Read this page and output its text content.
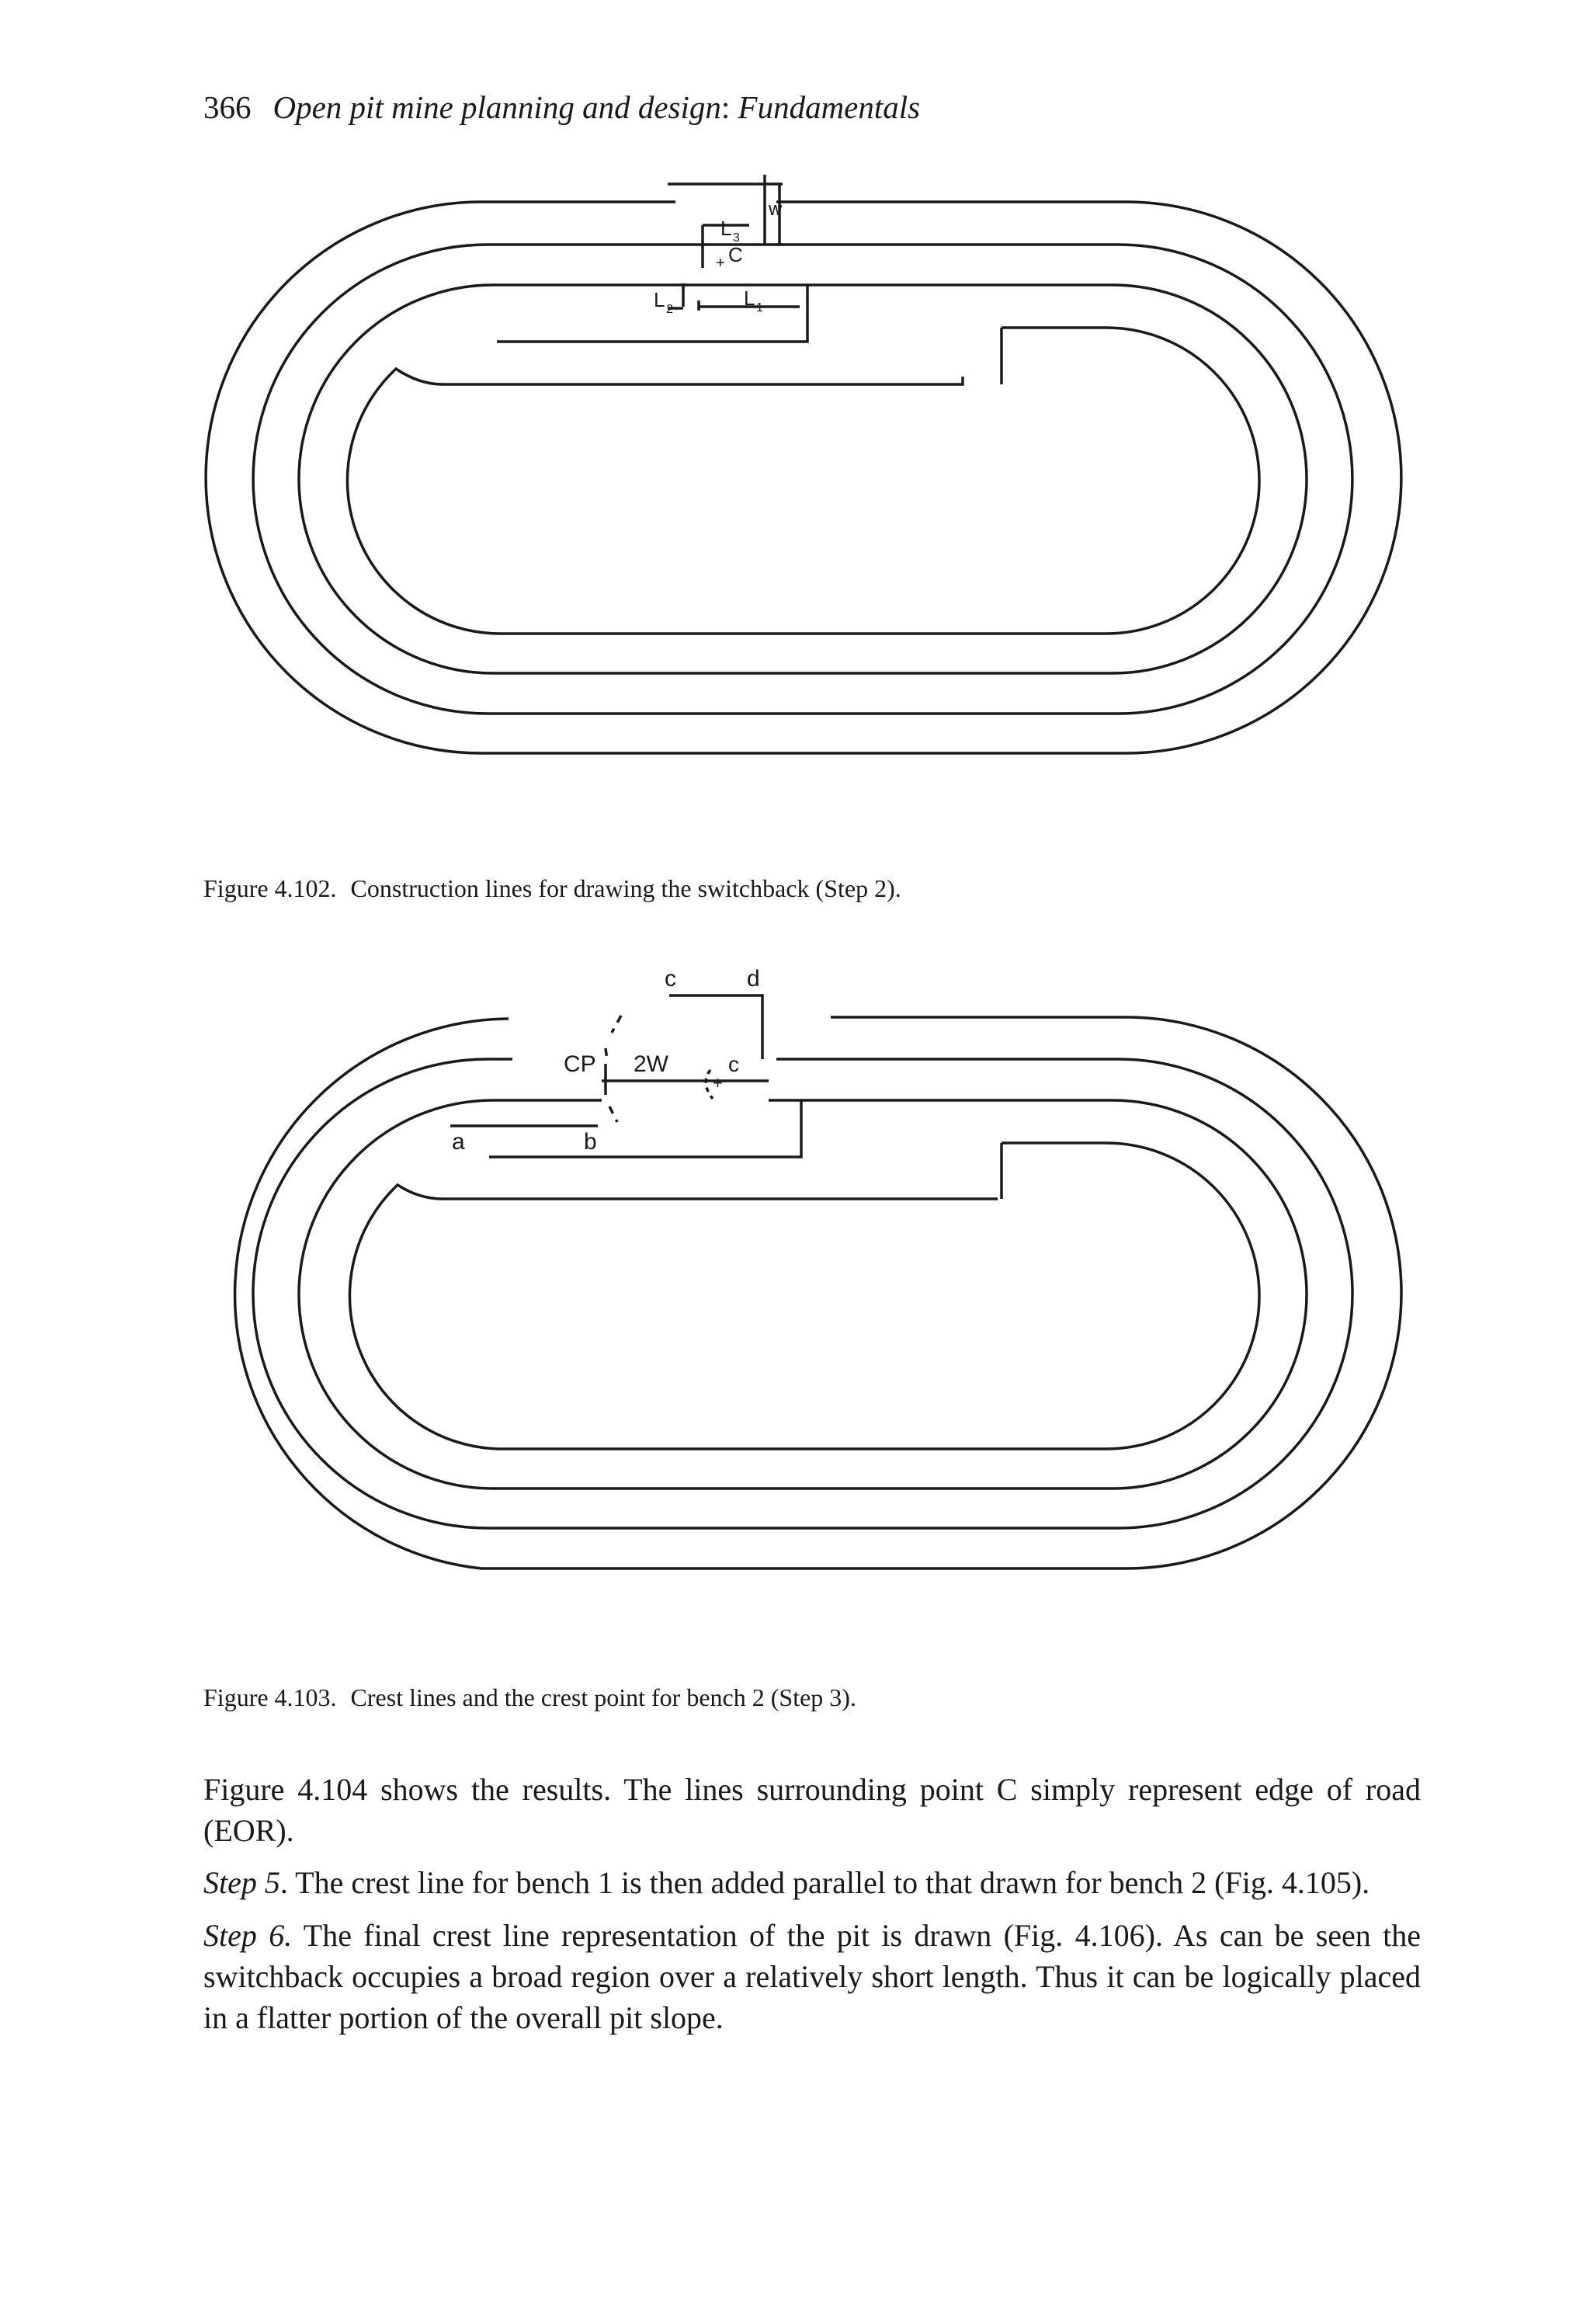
366 Open pit mine planning and design: Fundamentals
w
L 3
+ C
L 2	L 1
Figure 4.102. Construction lines for drawing the switchback (Step 2).
c	d
CP 2W
+
c
a	b
Figure 4.103. Crest lines and the crest point for bench 2 (Step 3).

Figure 4.104 shows the results. The lines surrounding point C simply represent edge of road (EOR).

Step 5. The crest line for bench 1 is then added parallel to that drawn for bench 2 (Fig. 4.105).

Step 6. The final crest line representation of the pit is drawn (Fig. 4.106). As can be seen the switchback occupies a broad region over a relatively short length. Thus it can be logically placed in a flatter portion of the overall pit slope.
